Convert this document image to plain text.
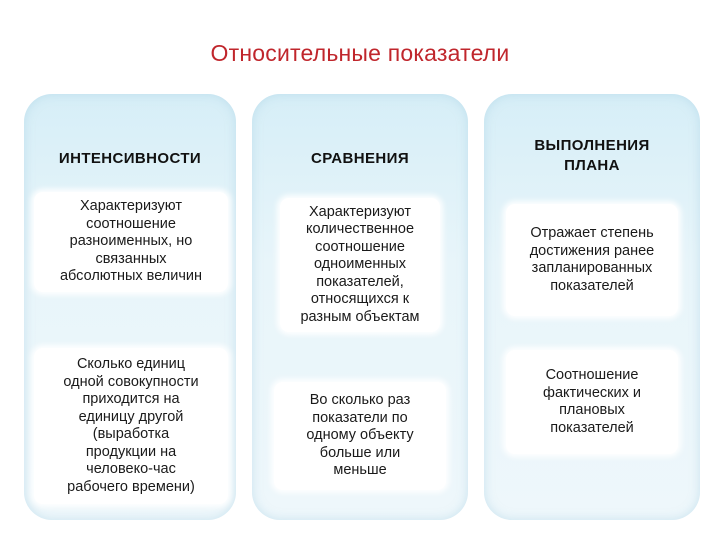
Относительные показатели
ИНТЕНСИВНОСТИ
Характеризуют
соотношение
разноименных, но
связанных
абсолютных величин
Сколько единиц
одной совокупности
приходится на
единицу другой
(выработка
продукции на
человеко-час
рабочего времени)
СРАВНЕНИЯ
Характеризуют
количественное
соотношение
одноименных
показателей,
относящихся к
разным объектам
Во сколько раз
показатели по
одному объекту
больше или
меньше
ВЫПОЛНЕНИЯ
ПЛАНА
Отражает степень
достижения ранее
запланированных
показателей
Соотношение
фактических и
плановых
показателей
